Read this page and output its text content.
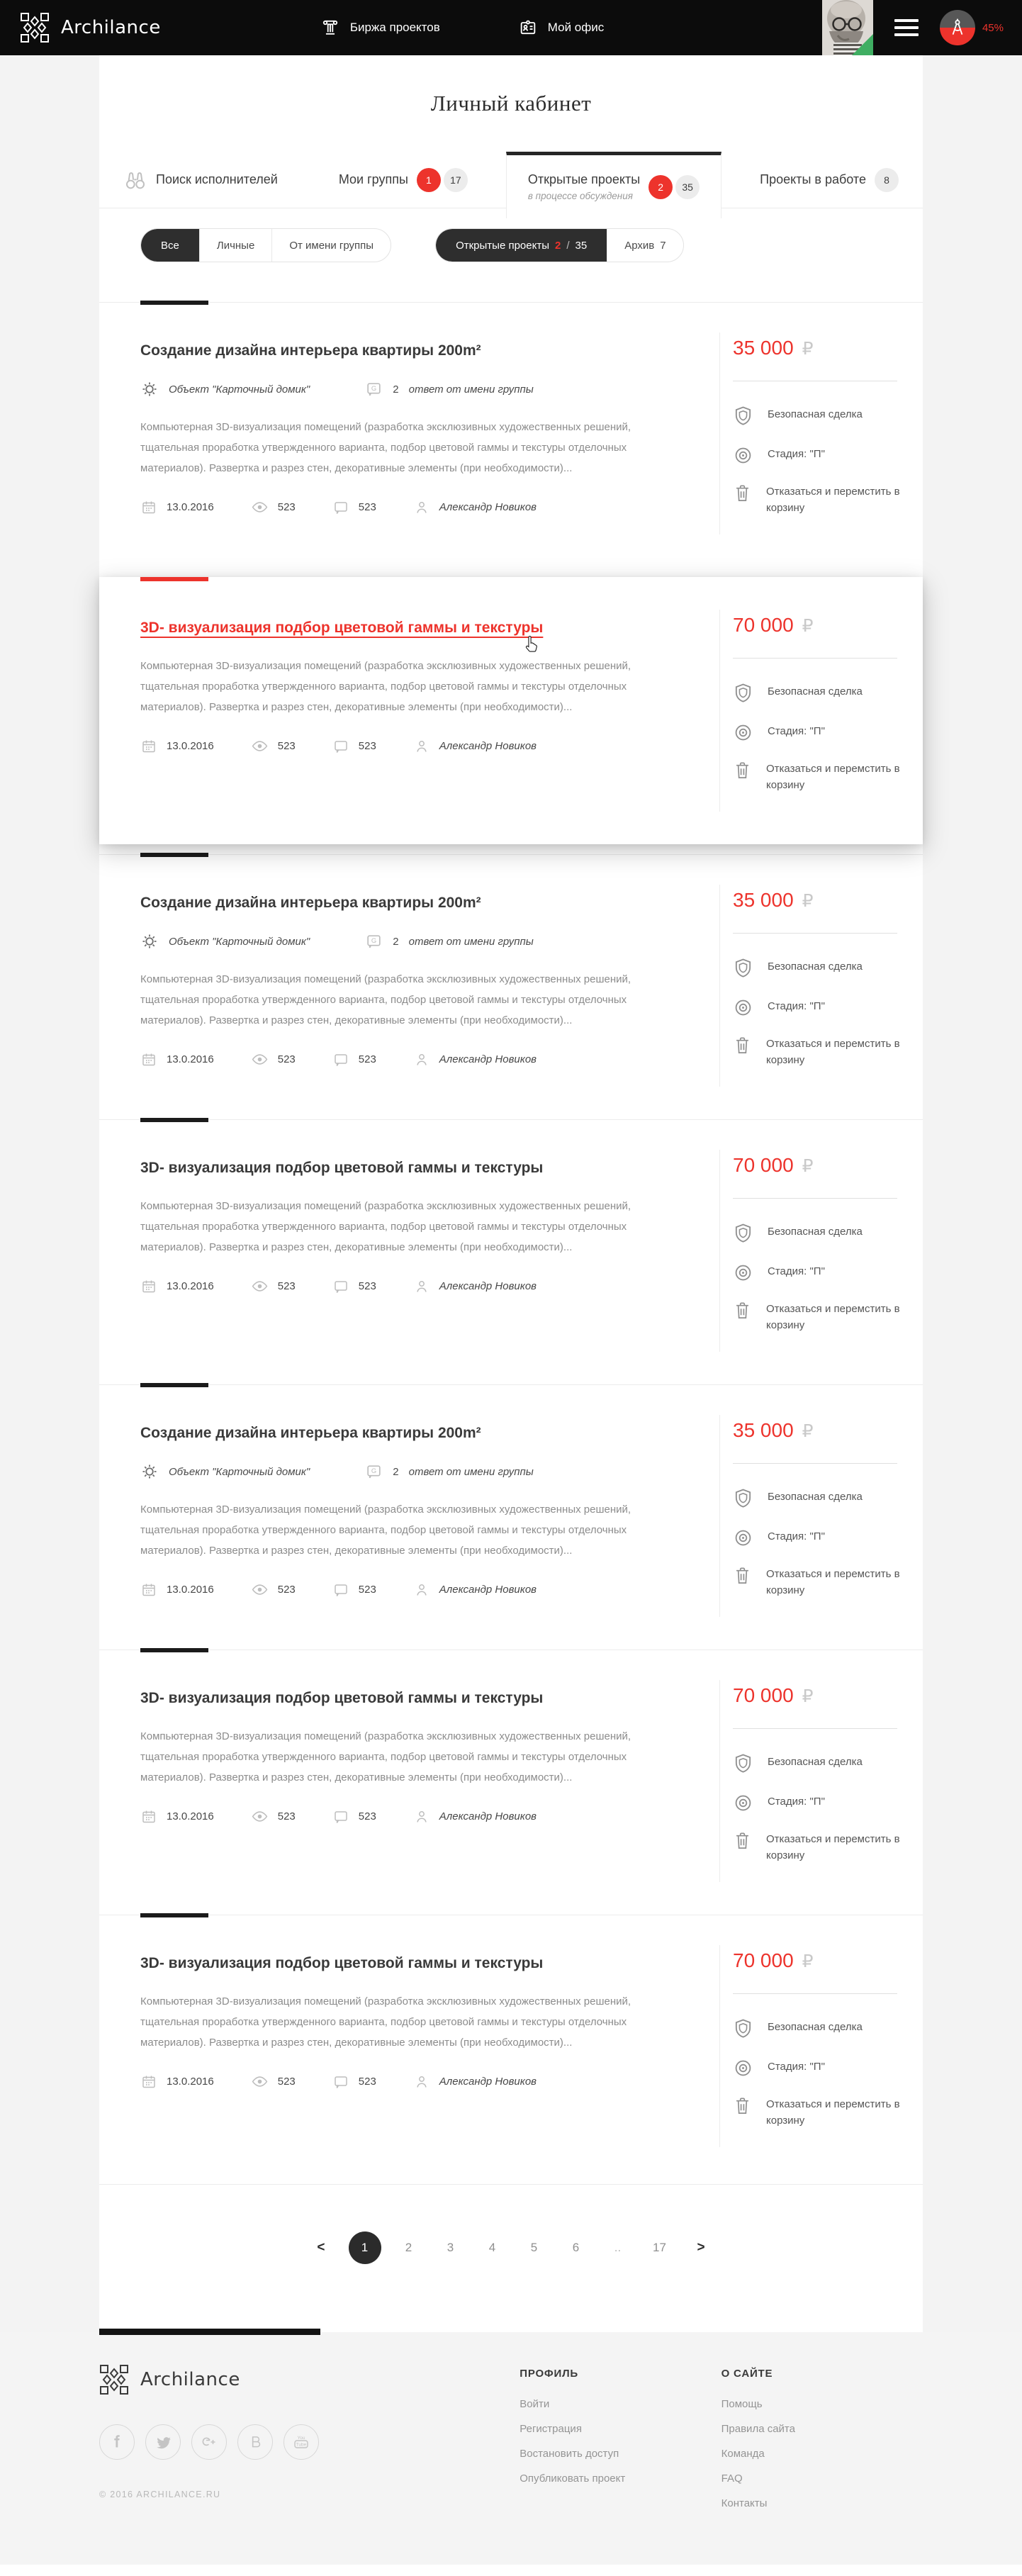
Archilance	Биржа проектов	Мой офис	45%
Личный кабинет
Поиск исполнителей	Мои группы	1	17	Открытые проекты
в процессе обсуждения
2	35
Проекты в работе	8
Все	Личные	От имени группы	Открытые проекты 2 / 35	Архив 7
Создание дизайна интерьера квартиры 200m²
Объект "Карточный домик"	G 2 ответ от имени группы

Компьютерная 3D-визуализация помещений (разработка эксклюзивных художественных решений, тщательная проработка утвержденного варианта, подбор цветовой гаммы и текстуры отделочных материалов). Развертка и разрез стен, декоративные элементы (при необходимости)...

13.0.2016	523	523	Александр Новиков
35 000 ₽
Безопасная сделка
Стадия: "П"
Отказаться и перемстить в корзину
3D- визуализация подбор цветовой гаммы и текстуры

Компьютерная 3D-визуализация помещений (разработка эксклюзивных художественных решений, тщательная проработка утвержденного варианта, подбор цветовой гаммы и текстуры отделочных материалов). Развертка и разрез стен, декоративные элементы (при необходимости)...

13.0.2016	523	523	Александр Новиков
70 000 ₽
Безопасная сделка
Стадия: "П"
Отказаться и перемстить в корзину
Создание дизайна интерьера квартиры 200m²
Объект "Карточный домик"	G 2 ответ от имени группы

Компьютерная 3D-визуализация помещений (разработка эксклюзивных художественных решений, тщательная проработка утвержденного варианта, подбор цветовой гаммы и текстуры отделочных материалов). Развертка и разрез стен, декоративные элементы (при необходимости)...

13.0.2016	523	523	Александр Новиков
35 000 ₽
Безопасная сделка
Стадия: "П"
Отказаться и перемстить в корзину
3D- визуализация подбор цветовой гаммы и текстуры

Компьютерная 3D-визуализация помещений (разработка эксклюзивных художественных решений, тщательная проработка утвержденного варианта, подбор цветовой гаммы и текстуры отделочных материалов). Развертка и разрез стен, декоративные элементы (при необходимости)...

13.0.2016	523	523	Александр Новиков
70 000 ₽
Безопасная сделка
Стадия: "П"
Отказаться и перемстить в корзину
Создание дизайна интерьера квартиры 200m²
Объект "Карточный домик"	G 2 ответ от имени группы

Компьютерная 3D-визуализация помещений (разработка эксклюзивных художественных решений, тщательная проработка утвержденного варианта, подбор цветовой гаммы и текстуры отделочных материалов). Развертка и разрез стен, декоративные элементы (при необходимости)...

13.0.2016	523	523	Александр Новиков
35 000 ₽
Безопасная сделка
Стадия: "П"
Отказаться и перемстить в корзину
3D- визуализация подбор цветовой гаммы и текстуры

Компьютерная 3D-визуализация помещений (разработка эксклюзивных художественных решений, тщательная проработка утвержденного варианта, подбор цветовой гаммы и текстуры отделочных материалов). Развертка и разрез стен, декоративные элементы (при необходимости)...

13.0.2016	523	523	Александр Новиков
70 000 ₽
Безопасная сделка
Стадия: "П"
Отказаться и перемстить в корзину
3D- визуализация подбор цветовой гаммы и текстуры

Компьютерная 3D-визуализация помещений (разработка эксклюзивных художественных решений, тщательная проработка утвержденного варианта, подбор цветовой гаммы и текстуры отделочных материалов). Развертка и разрез стен, декоративные элементы (при необходимости)...

13.0.2016	523	523	Александр Новиков
70 000 ₽
Безопасная сделка
Стадия: "П"
Отказаться и перемстить в корзину
<	1	2	3	4	5	6	..	17	>
Archilance
You
Tube
© 2016 ARCHILANCE.RU
ПРОФИЛЬ
Войти
Регистрация
Востановить доступ
Опубликовать проект
О САЙТЕ
Помощь
Правила сайта
Команда
FAQ
Контакты
